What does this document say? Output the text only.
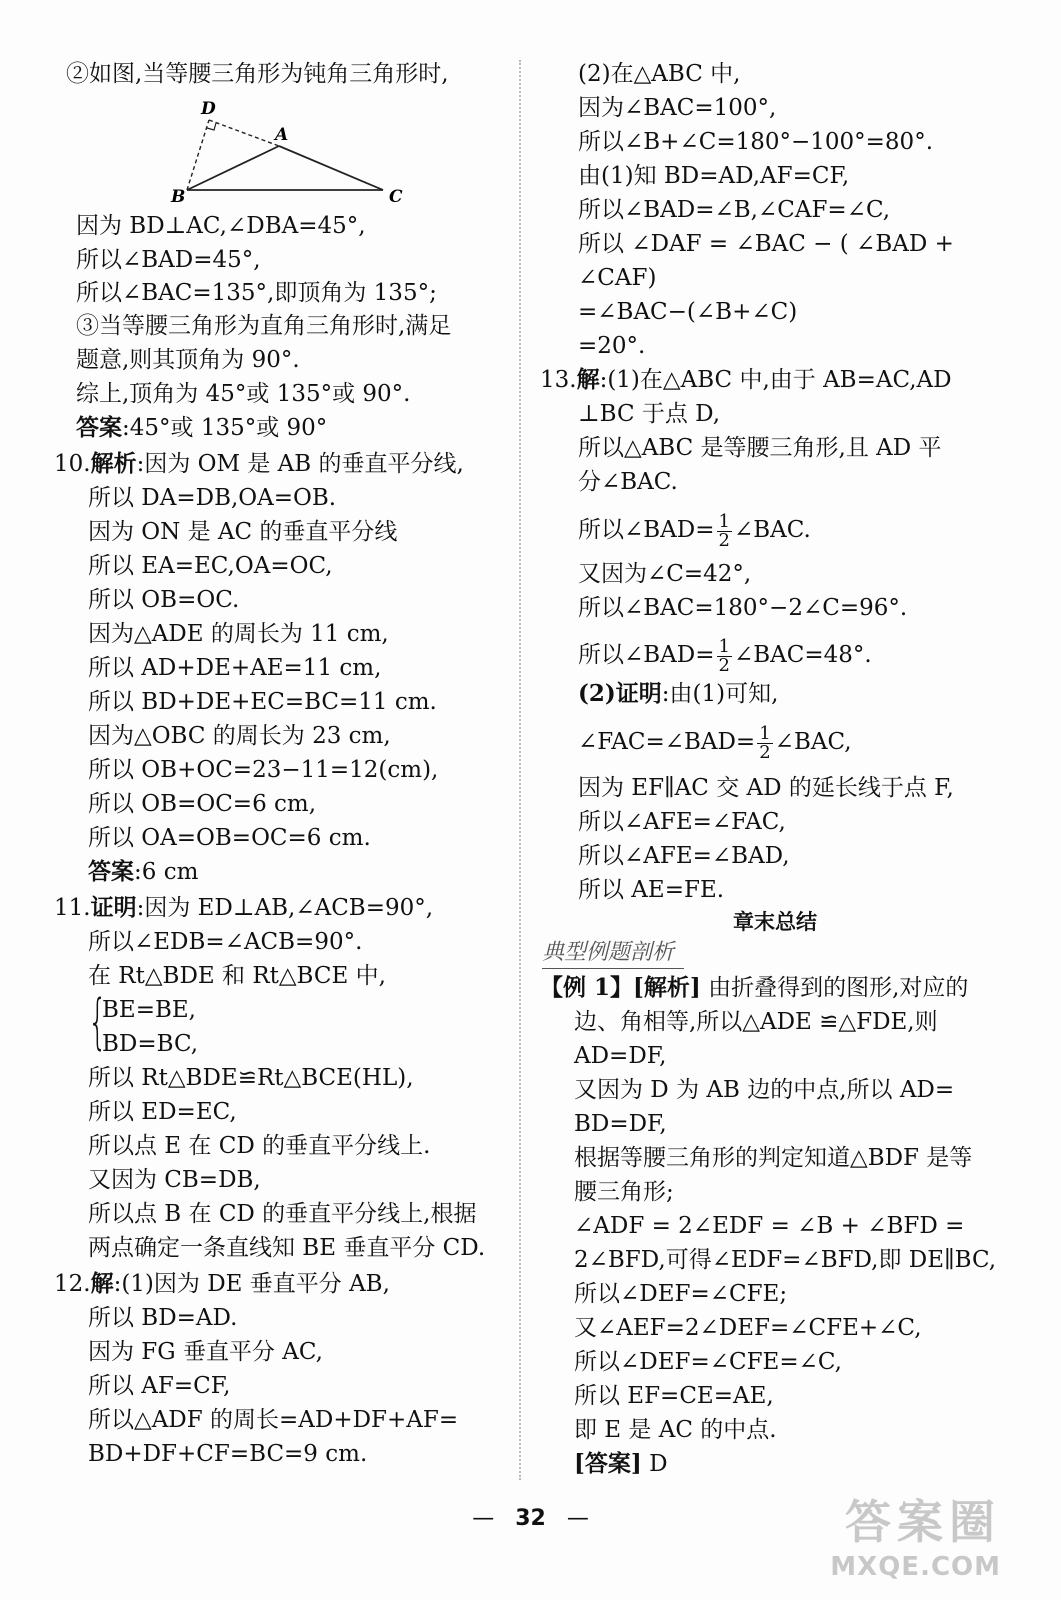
②如图,当等腰三角形为钝角三角形时,
D
A
B	C
因为 BD⊥AC,∠DBA=45°,
所以∠BAD=45°,
所以∠BAC=135°,即顶角为 135°;
③当等腰三角形为直角三角形时,满足
题意,则其顶角为 90°.
综上,顶角为 45°或 135°或 90°.
答案:45°或 135°或 90°
10.解析:因为 OM 是 AB 的垂直平分线,
所以 DA=DB,OA=OB.
因为 ON 是 AC 的垂直平分线
所以 EA=EC,OA=OC,
所以 OB=OC.
因为△ADE 的周长为 11 cm,
所以 AD+DE+AE=11 cm,
所以 BD+DE+EC=BC=11 cm.
因为△OBC 的周长为 23 cm,
所以 OB+OC=23−11=12(cm),
所以 OB=OC=6 cm,
所以 OA=OB=OC=6 cm.
答案:6 cm
11.证明:因为 ED⊥AB,∠ACB=90°,
所以∠EDB=∠ACB=90°.
在 Rt△BDE 和 Rt△BCE 中,
{
BE=BE,
BD=BC,
所以 Rt△BDE≌Rt△BCE(HL),
所以 ED=EC,
所以点 E 在 CD 的垂直平分线上.
又因为 CB=DB,
所以点 B 在 CD 的垂直平分线上,根据
两点确定一条直线知 BE 垂直平分 CD.
12.解:(1)因为 DE 垂直平分 AB,
所以 BD=AD.
因为 FG 垂直平分 AC,
所以 AF=CF,
所以△ADF 的周长=AD+DF+AF=
BD+DF+CF=BC=9 cm.
(2)在△ABC 中,
因为∠BAC=100°,
所以∠B+∠C=180°−100°=80°.
由(1)知 BD=AD,AF=CF,
所以∠BAD=∠B,∠CAF=∠C,
所以 ∠DAF = ∠BAC − ( ∠BAD +
∠CAF)
=∠BAC−(∠B+∠C)
=20°.
13.解:(1)在△ABC 中,由于 AB=AC,AD
⊥BC 于点 D,
所以△ABC 是等腰三角形,且 AD 平
分∠BAC.
所以∠BAD= $\frac{1}{2}$ ∠BAC.
又因为∠C=42°,
所以∠BAC=180°−2∠C=96°.
所以∠BAD= $\frac{1}{2}$ ∠BAC=48°.
(2)证明:由(1)可知,
∠FAC=∠BAD= $\frac{1}{2}$ ∠BAC,
因为 EF∥AC 交 AD 的延长线于点 F,
所以∠AFE=∠FAC,
所以∠AFE=∠BAD,
所以 AE=FE.
章末总结
典型例题剖析
【例 1】[解析] 由折叠得到的图形,对应的
边、角相等,所以△ADE ≌△FDE,则
AD=DF,
又因为 D 为 AB 边的中点,所以 AD=
BD=DF,
根据等腰三角形的判定知道△BDF 是等
腰三角形;
∠ADF = 2∠EDF = ∠B + ∠BFD =
2∠BFD,可得∠EDF=∠BFD,即 DE∥BC,
所以∠DEF=∠CFE;
又∠AEF=2∠DEF=∠CFE+∠C,
所以∠DEF=∠CFE=∠C,
所以 EF=CE=AE,
即 E 是 AC 的中点.
[答案] D
— 32 —	答案圈
MXQE.COM
